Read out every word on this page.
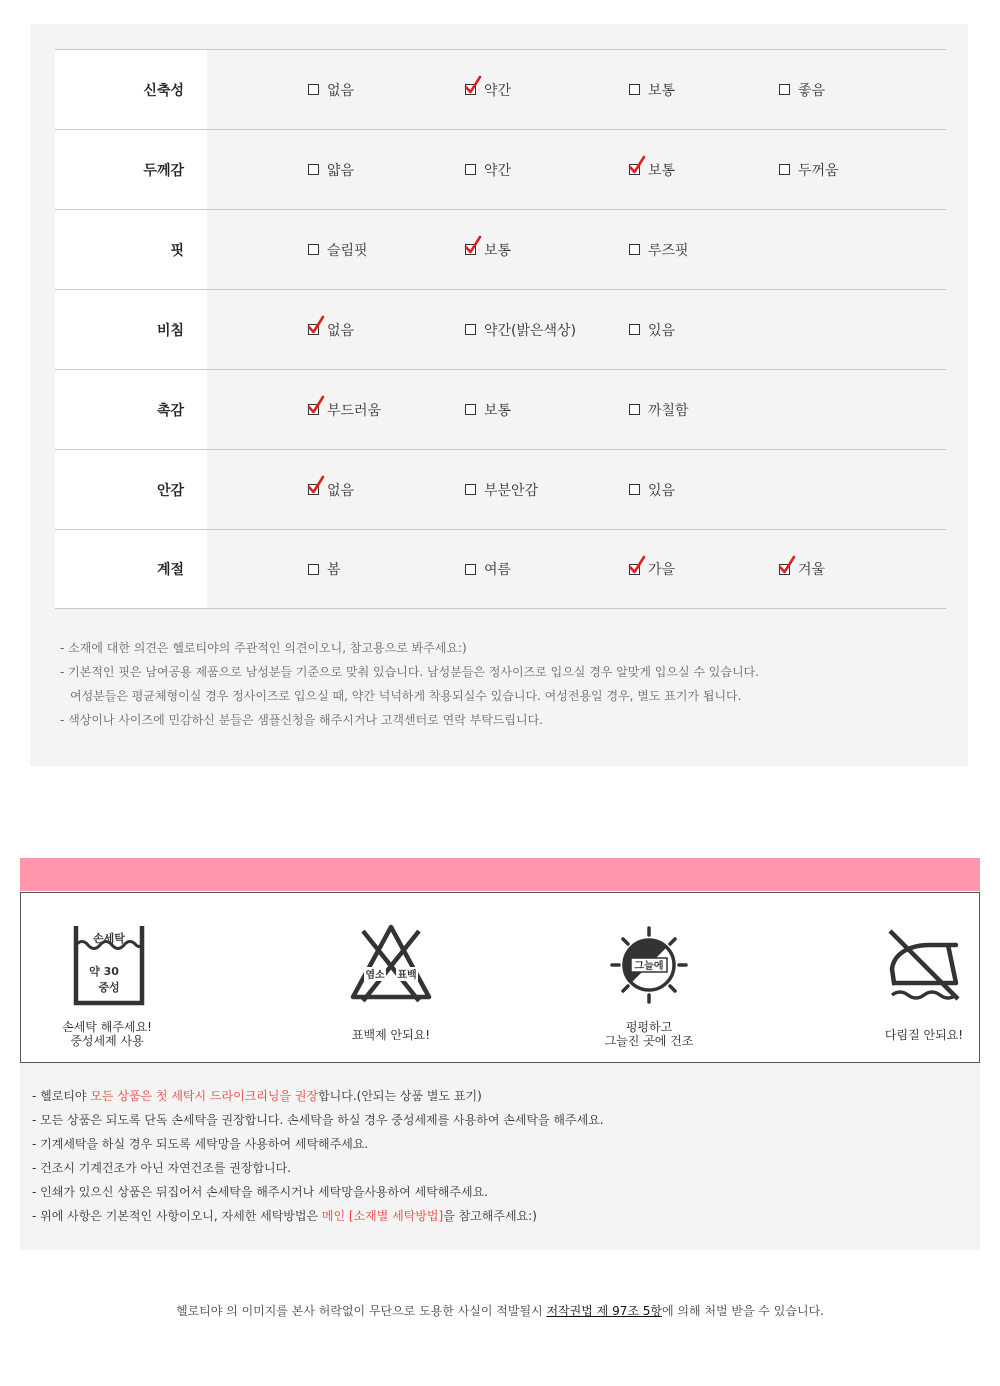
신축성	없음	약간	보통	좋음
두께감	얇음	약간	보통	두꺼움
핏	슬림핏	보통	루즈핏
비침	없음	약간(밝은색상)	있음
촉감	부드러움	보통	까칠함
안감	없음	부분안감	있음
계절	봄	여름	가을	겨울
- 소재에 대한 의견은 헬로티야의 주관적인 의견이오니, 참고용으로 봐주세요:)
- 기본적인 핏은 남여공용 제품으로 남성분들 기준으로 맞춰 있습니다. 남성분들은 정사이즈로 입으실 경우 알맞게 입으실 수 있습니다.
여성분들은 평균체형이실 경우 정사이즈로 입으실 때, 약간 넉넉하게 착용되실수 있습니다. 여성전용일 경우, 별도 표기가 됩니다.
- 색상이나 사이즈에 민감하신 분들은 샘플신청을 해주시거나 고객센터로 연락 부탁드립니다.
손세탁
약 30
중성
손세탁 해주세요!
중성세제 사용
염소 표백
표백제 안되요!
그늘에
펑펑하고
그늘진 곳에 건조	다림질 안되요!
- 헬로티야 모든 상품은 첫 세탁시 드라이크리닝을 권장합니다.(안되는 상품 별도 표기)
- 모든 상품은 되도록 단독 손세탁을 권장합니다. 손세탁을 하실 경우 중성세제를 사용하여 손세탁을 해주세요.
- 기계세탁을 하실 경우 되도록 세탁망을 사용하여 세탁해주세요.
- 건조시 기계건조가 아닌 자연건조를 권장합니다.
- 인쇄가 있으신 상품은 뒤집어서 손세탁을 해주시거나 세탁망을사용하여 세탁해주세요.
- 위에 사항은 기본적인 사항이오니, 자세한 세탁방법은 메인 [소재별 세탁방법]을 참고해주세요:)
헬로티야 의 이미지를 본사 허락없이 무단으로 도용한 사실이 적발될시 저작권법 제 97조 5항에 의해 처벌 받을 수 있습니다.
